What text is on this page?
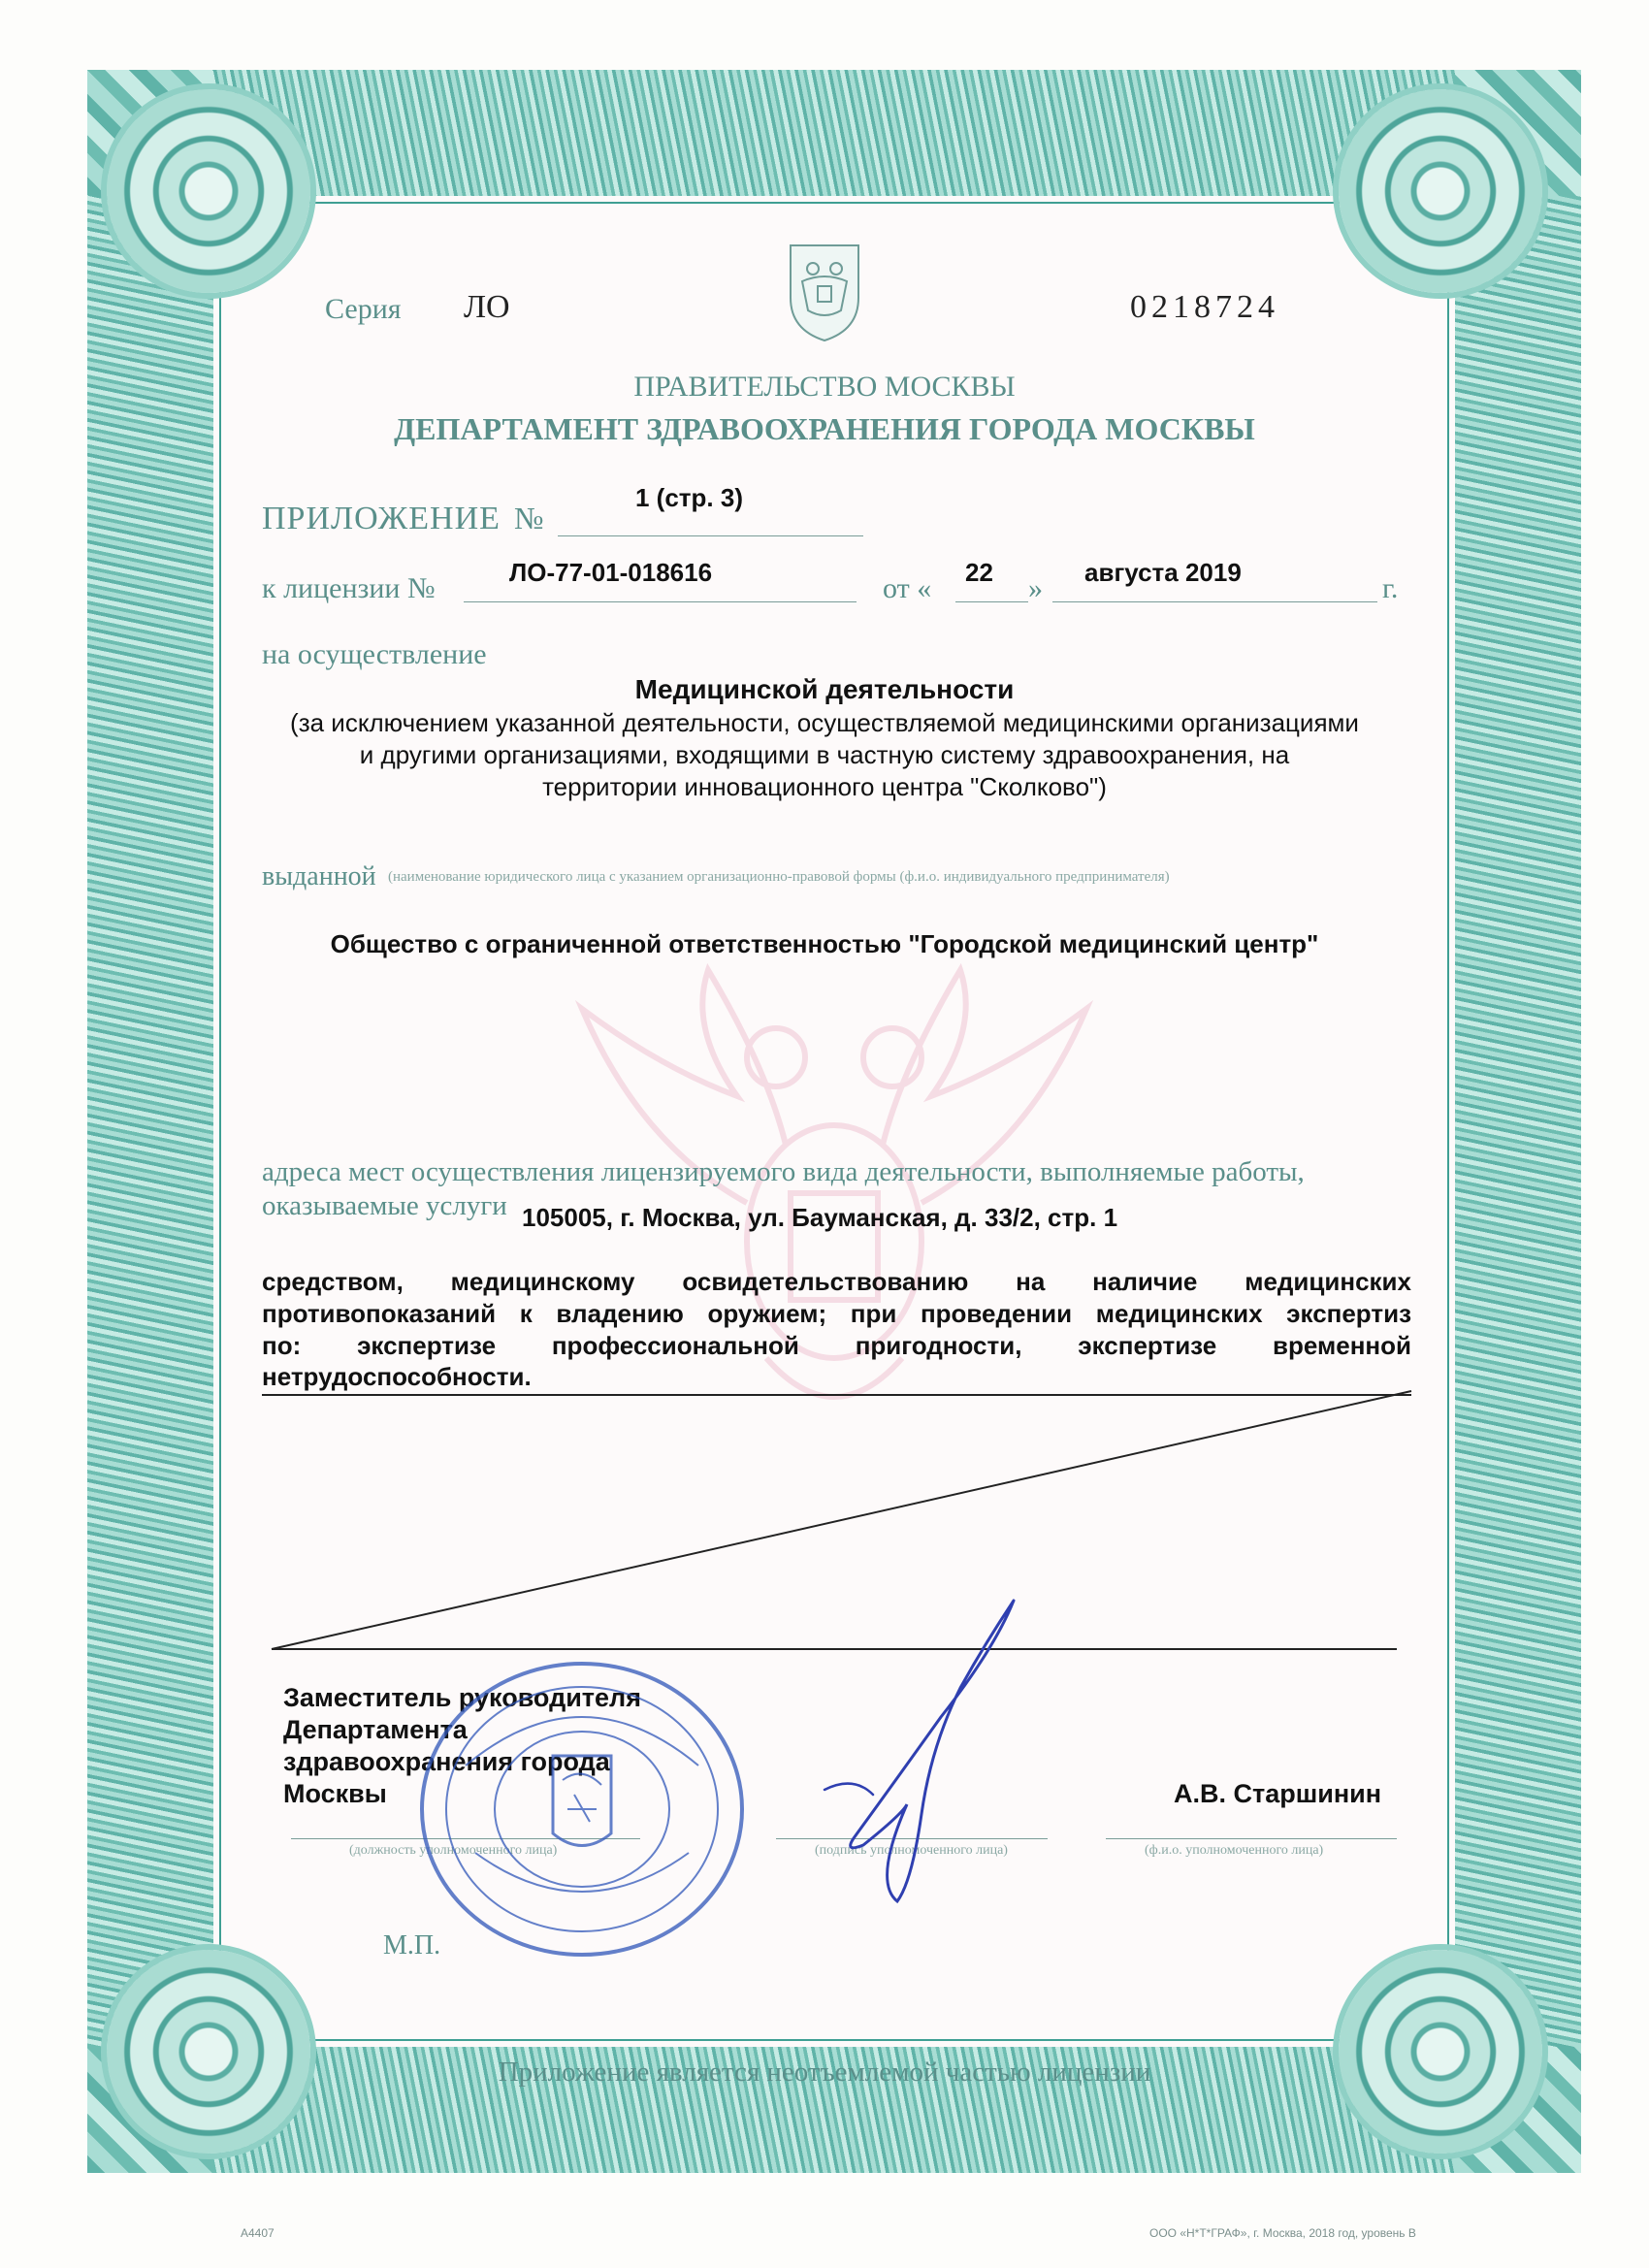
Серия ЛО	0218724
ПРАВИТЕЛЬСТВО МОСКВЫ
ДЕПАРТАМЕНТ ЗДРАВООХРАНЕНИЯ ГОРОДА МОСКВЫ
ПРИЛОЖЕНИЕ №
1 (стр. 3)
к лицензии №	ЛО-77-01-018616	от « 22 » августа 2019	г.
на осуществление
Медицинской деятельности
(за исключением указанной деятельности, осуществляемой медицинскими организациями
и другими организациями, входящими в частную систему здравоохранения, на
территории инновационного центра "Сколково")
выданной (наименование юридического лица с указанием организационно-правовой формы (ф.и.о. индивидуального предпринимателя)
Общество с ограниченной ответственностью "Городской медицинский центр"
адреса мест осуществления лицензируемого вида деятельности, выполняемые работы,
оказываемые услуги 105005, г. Москва, ул. Бауманская, д. 33/2, стр. 1
средством, медицинскому освидетельствованию на наличие медицинских
противопоказаний к владению оружием; при проведении медицинских экспертиз
по: экспертизе профессиональной пригодности, экспертизе временной
нетрудоспособности.
Заместитель руководителя
Департамента
здравоохранения города
Москвы	А.В. Старшинин
(должность уполномоченного лица)	(подпись уполномоченного лица)	(ф.и.о. уполномоченного лица)
М.П.
Приложение является неотъемлемой частью лицензии
A4407	ООО «Н*Т*ГРАФ», г. Москва, 2018 год, уровень В
